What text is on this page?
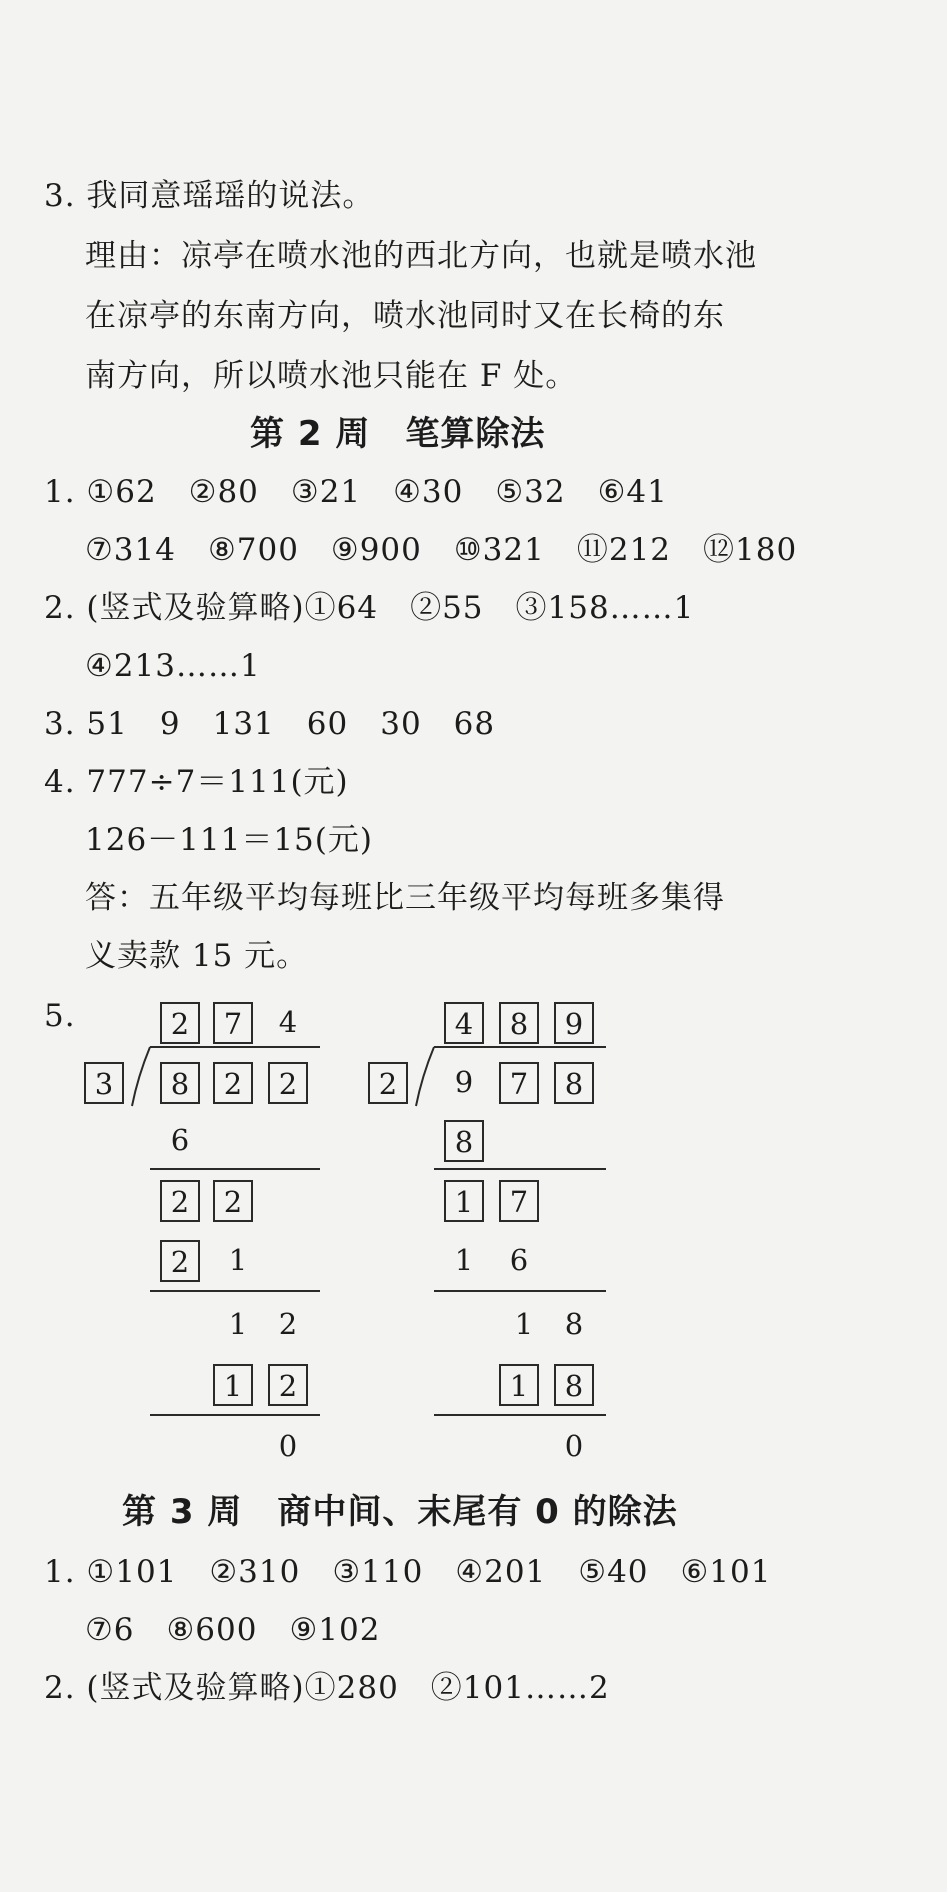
3. 我同意瑶瑶的说法。
理由：凉亭在喷水池的西北方向，也就是喷水池
在凉亭的东南方向，喷水池同时又在长椅的东
南方向，所以喷水池只能在 F 处。
第 2 周　笔算除法
1. ①62　②80　③21　④30　⑤32　⑥41
⑦314　⑧700　⑨900　⑩321　⑪212　⑫180
2. (竖式及验算略)①64　②55　③158……1
④213……1
3. 51　9　131　60　30　68
4. 777÷7＝111(元)
126－111＝15(元)
答：五年级平均每班比三年级平均每班多集得
义卖款 15 元。
5.	2	7	4
3	8	2	2
6
2	2
2	1
1	2
1	2
0
4	8	9
2	9	7	8
8
1	7
1	6
1	8
1	8
0
第 3 周　商中间、末尾有 0 的除法
1. ①101　②310　③110　④201　⑤40　⑥101
⑦6　⑧600　⑨102
2. (竖式及验算略)①280　②101……2
